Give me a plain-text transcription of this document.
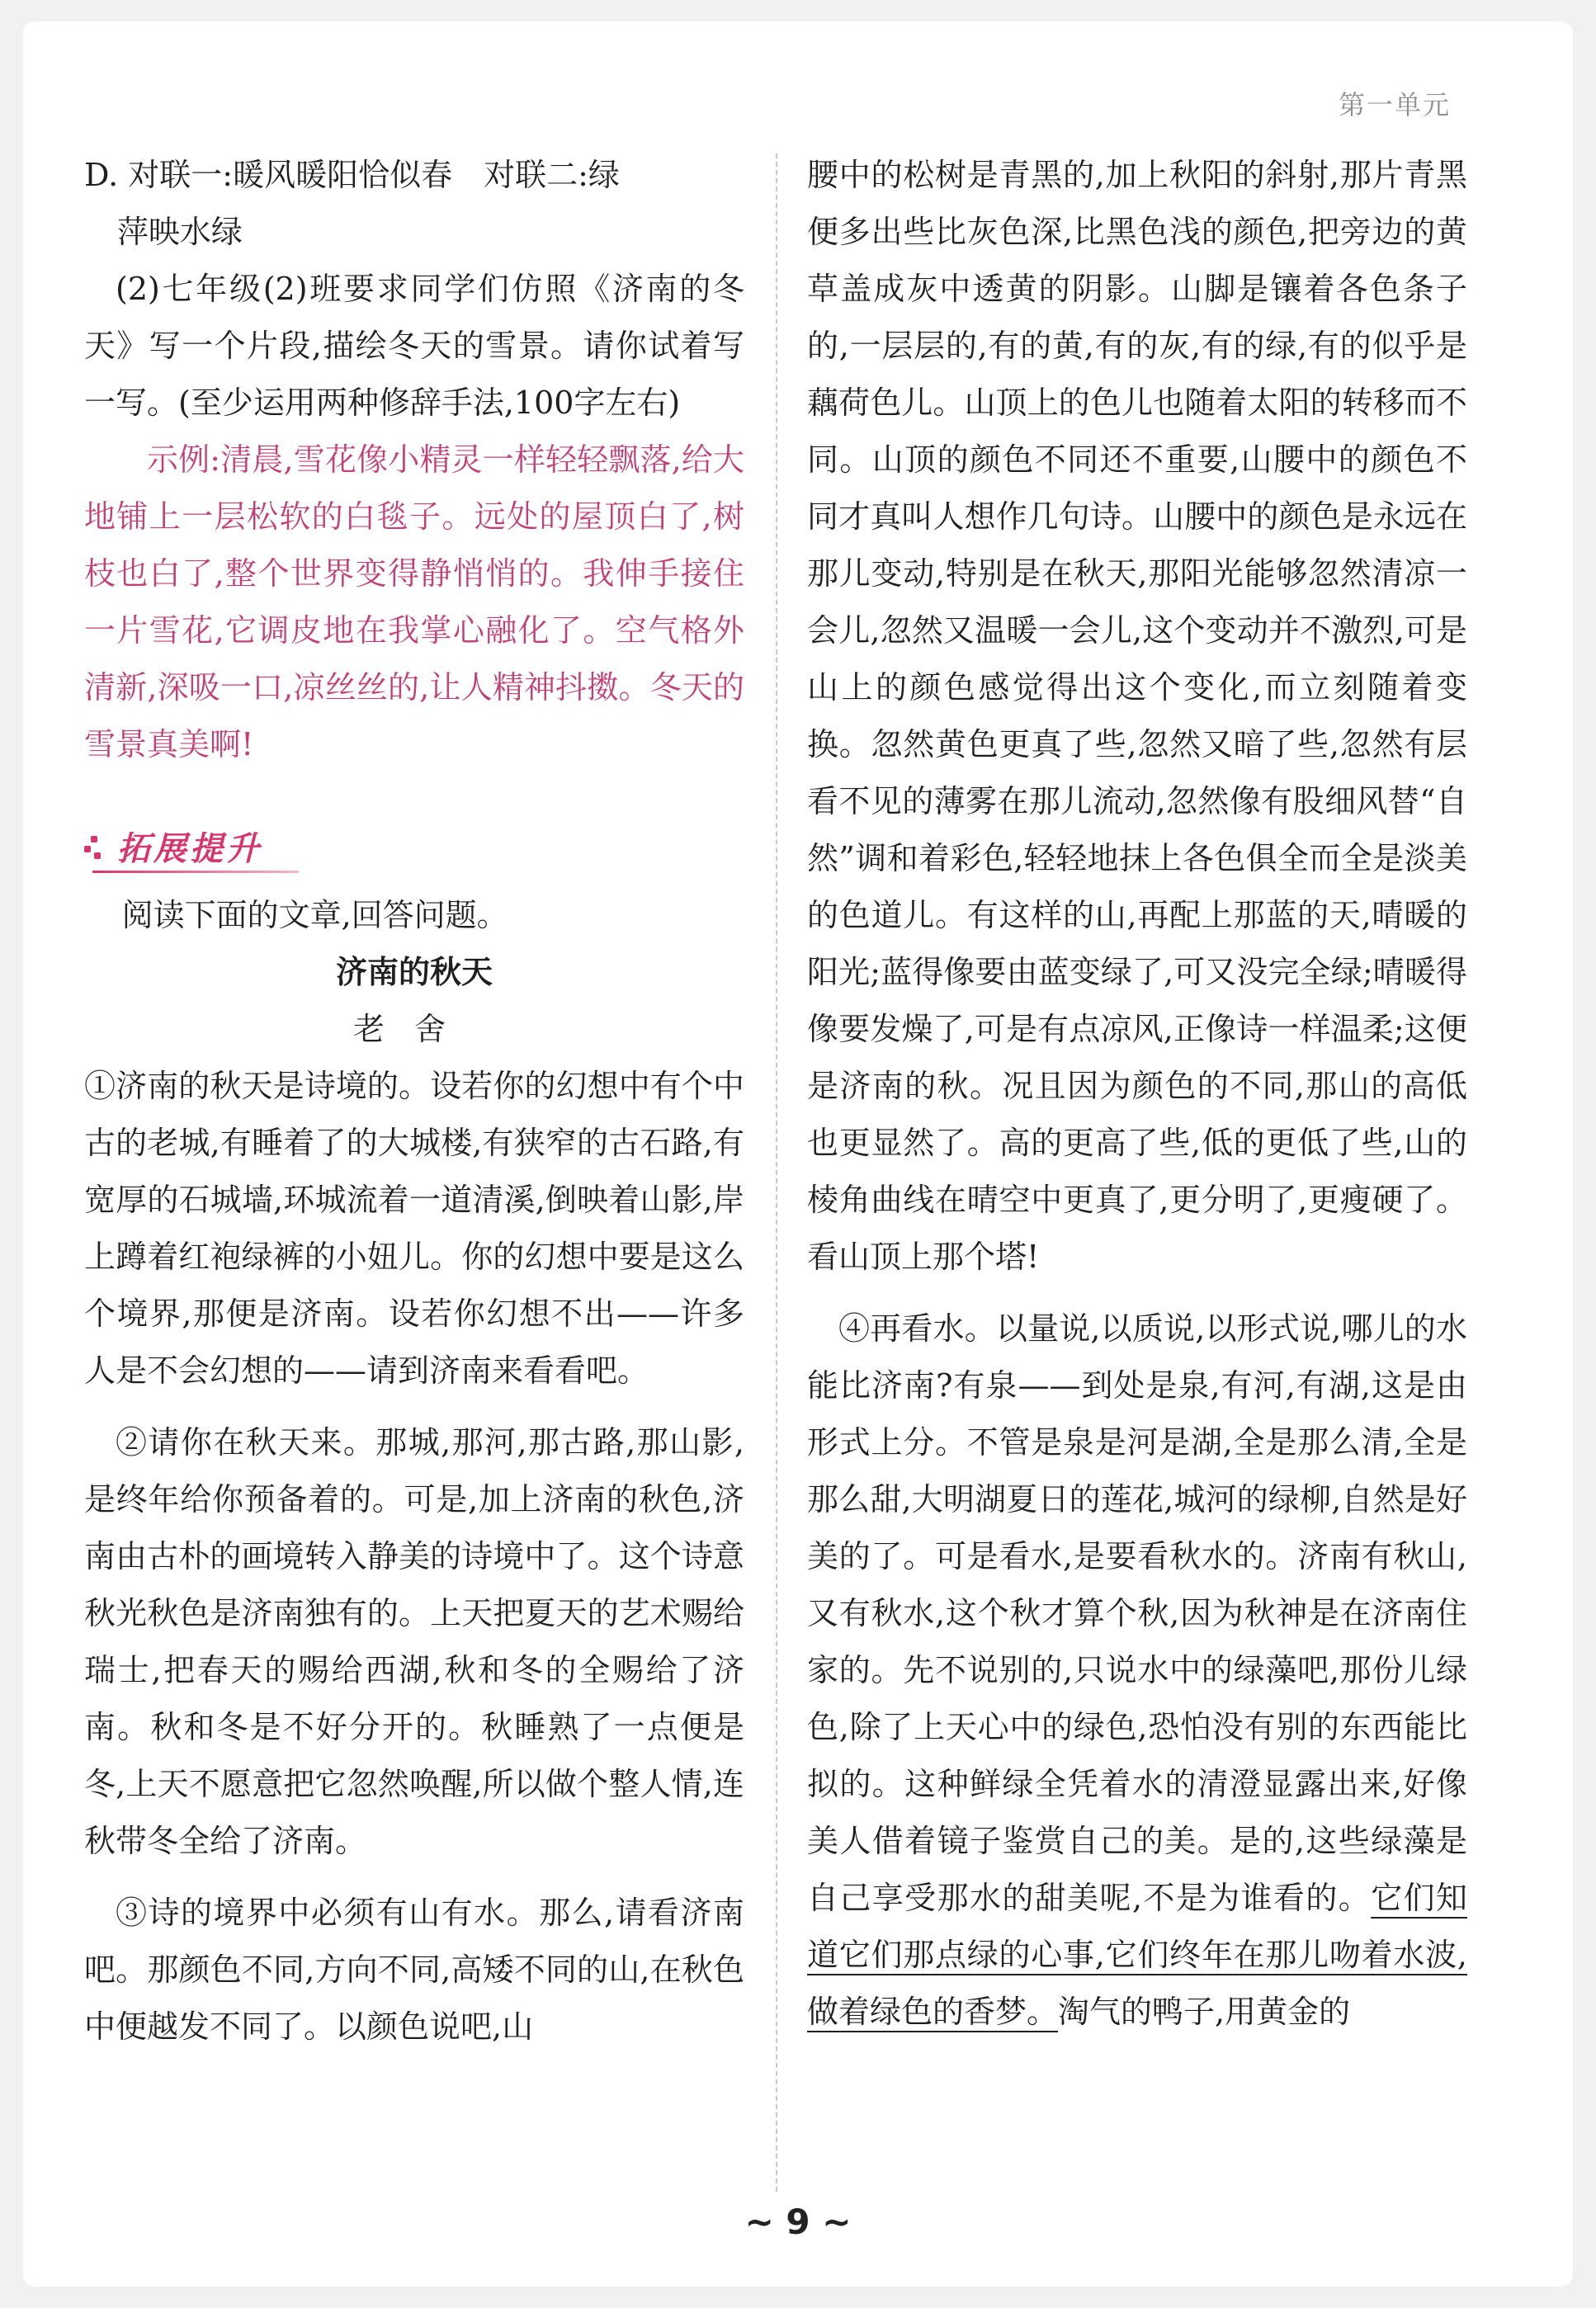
第一单元

D. 对联一:暖风暖阳恰似春　对联二:绿

萍映水绿

(2)七年级(2)班要求同学们仿照《济南的冬天》写一个片段,描绘冬天的雪景。请你试着写一写。(至少运用两种修辞手法,100字左右)

示例:清晨,雪花像小精灵一样轻轻飘落,给大地铺上一层松软的白毯子。远处的屋顶白了,树枝也白了,整个世界变得静悄悄的。我伸手接住一片雪花,它调皮地在我掌心融化了。空气格外清新,深吸一口,凉丝丝的,让人精神抖擞。冬天的雪景真美啊!

拓展提升

阅读下面的文章,回答问题。

济南的秋天

老舍

①济南的秋天是诗境的。设若你的幻想中有个中古的老城,有睡着了的大城楼,有狭窄的古石路,有宽厚的石城墙,环城流着一道清溪,倒映着山影,岸上蹲着红袍绿裤的小妞儿。你的幻想中要是这么个境界,那便是济南。设若你幻想不出——许多人是不会幻想的——请到济南来看看吧。

②请你在秋天来。那城,那河,那古路,那山影,是终年给你预备着的。可是,加上济南的秋色,济南由古朴的画境转入静美的诗境中了。这个诗意秋光秋色是济南独有的。上天把夏天的艺术赐给瑞士,把春天的赐给西湖,秋和冬的全赐给了济南。秋和冬是不好分开的。秋睡熟了一点便是冬,上天不愿意把它忽然唤醒,所以做个整人情,连秋带冬全给了济南。

③诗的境界中必须有山有水。那么,请看济南吧。那颜色不同,方向不同,高矮不同的山,在秋色中便越发不同了。以颜色说吧,山

腰中的松树是青黑的,加上秋阳的斜射,那片青黑便多出些比灰色深,比黑色浅的颜色,把旁边的黄草盖成灰中透黄的阴影。山脚是镶着各色条子的,一层层的,有的黄,有的灰,有的绿,有的似乎是藕荷色儿。山顶上的色儿也随着太阳的转移而不同。山顶的颜色不同还不重要,山腰中的颜色不同才真叫人想作几句诗。山腰中的颜色是永远在那儿变动,特别是在秋天,那阳光能够忽然清凉一会儿,忽然又温暖一会儿,这个变动并不激烈,可是山上的颜色感觉得出这个变化,而立刻随着变换。忽然黄色更真了些,忽然又暗了些,忽然有层看不见的薄雾在那儿流动,忽然像有股细风替“自然”调和着彩色,轻轻地抹上各色俱全而全是淡美的色道儿。有这样的山,再配上那蓝的天,晴暖的阳光;蓝得像要由蓝变绿了,可又没完全绿;晴暖得像要发燥了,可是有点凉风,正像诗一样温柔;这便是济南的秋。况且因为颜色的不同,那山的高低也更显然了。高的更高了些,低的更低了些,山的棱角曲线在晴空中更真了,更分明了,更瘦硬了。看山顶上那个塔!

④再看水。以量说,以质说,以形式说,哪儿的水能比济南?有泉——到处是泉,有河,有湖,这是由形式上分。不管是泉是河是湖,全是那么清,全是那么甜,大明湖夏日的莲花,城河的绿柳,自然是好美的了。可是看水,是要看秋水的。济南有秋山,又有秋水,这个秋才算个秋,因为秋神是在济南住家的。先不说别的,只说水中的绿藻吧,那份儿绿色,除了上天心中的绿色,恐怕没有别的东西能比拟的。这种鲜绿全凭着水的清澄显露出来,好像美人借着镜子鉴赏自己的美。是的,这些绿藻是自己享受那水的甜美呢,不是为谁看的。它们知道它们那点绿的心事,它们终年在那儿吻着水波,做着绿色的香梦。淘气的鸭子,用黄金的

~ 9 ~
